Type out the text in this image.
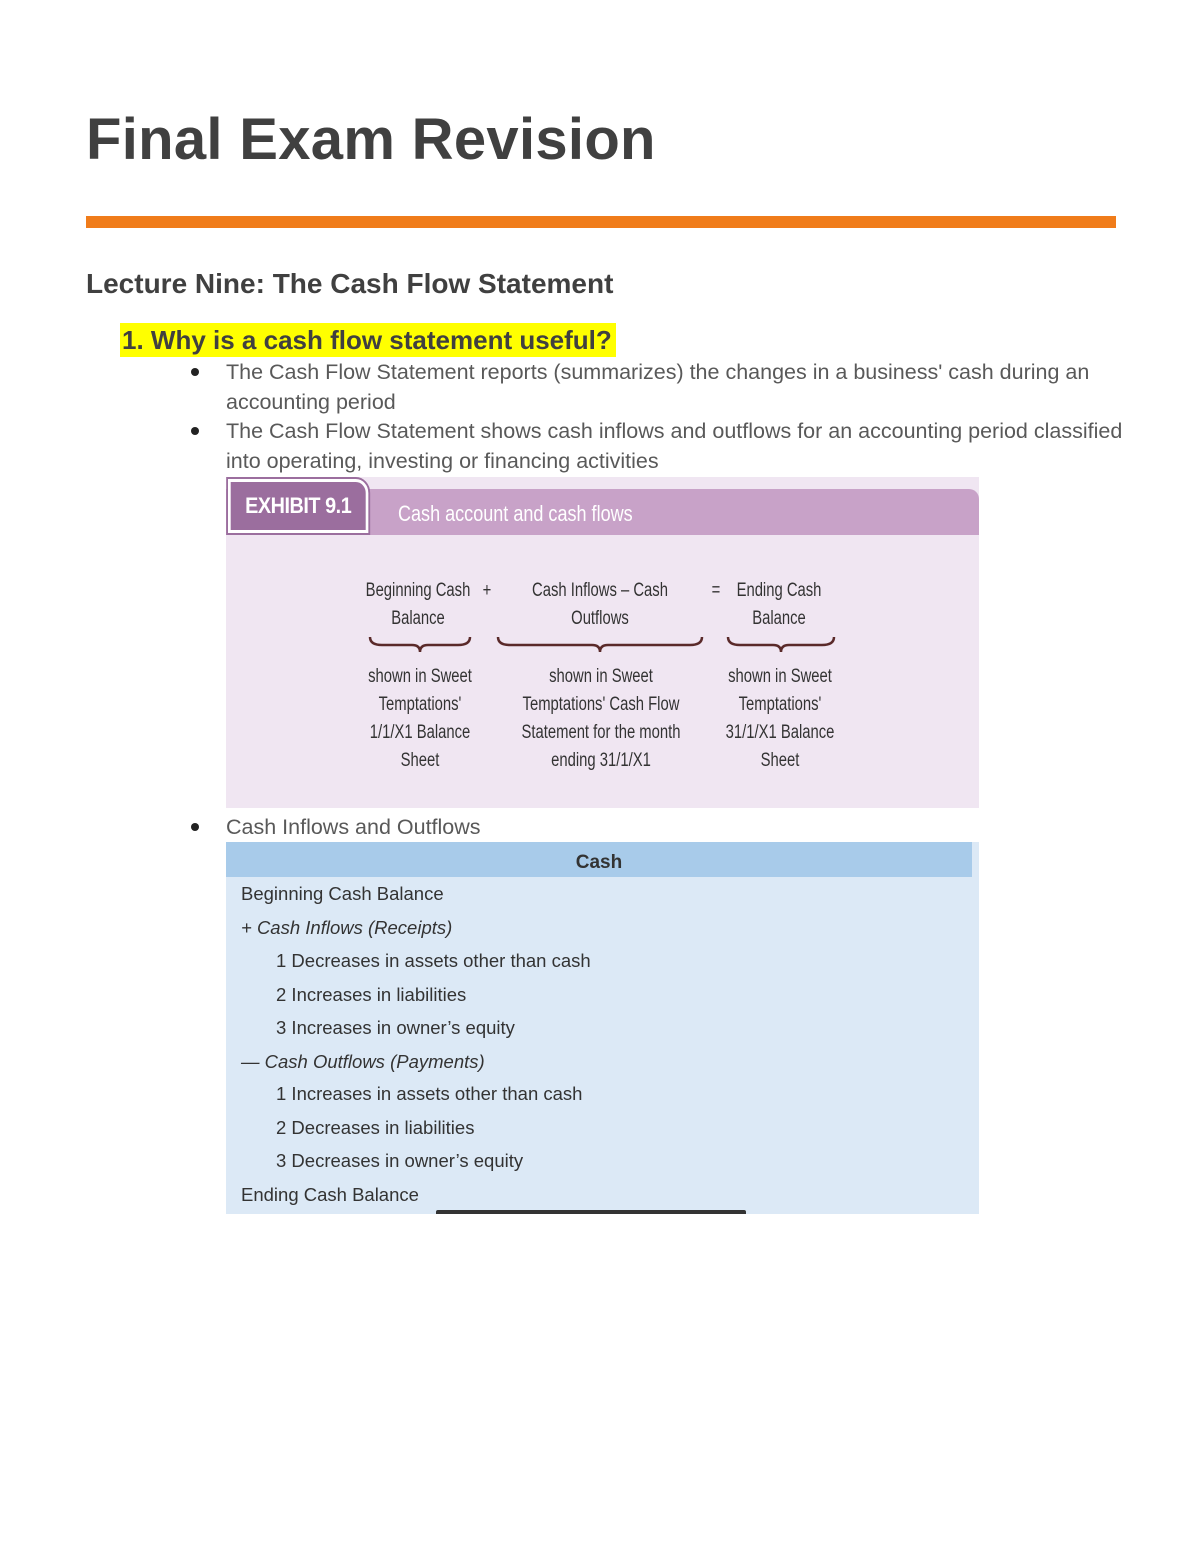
Final Exam Revision
Lecture Nine: The Cash Flow Statement
1. Why is a cash flow statement useful?
The Cash Flow Statement reports (summarizes) the changes in a business' cash during an accounting period
The Cash Flow Statement shows cash inflows and outflows for an accounting period classified into operating, investing or financing activities
EXHIBIT 9.1	Cash account and cash flows
Beginning Cash Balance
+	Cash Inflows – Cash Outflows
= Ending Cash Balance
shown in Sweet Temptations' 1/1/X1 Balance Sheet
shown in Sweet Temptations' Cash Flow Statement for the month ending 31/1/X1
shown in Sweet Temptations' 31/1/X1 Balance Sheet
Cash Inflows and Outflows
Cash
Beginning Cash Balance
+ Cash Inflows (Receipts)
1 Decreases in assets other than cash
2 Increases in liabilities
3 Increases in owner’s equity
— Cash Outflows (Payments)
1 Increases in assets other than cash
2 Decreases in liabilities
3 Decreases in owner’s equity
Ending Cash Balance
